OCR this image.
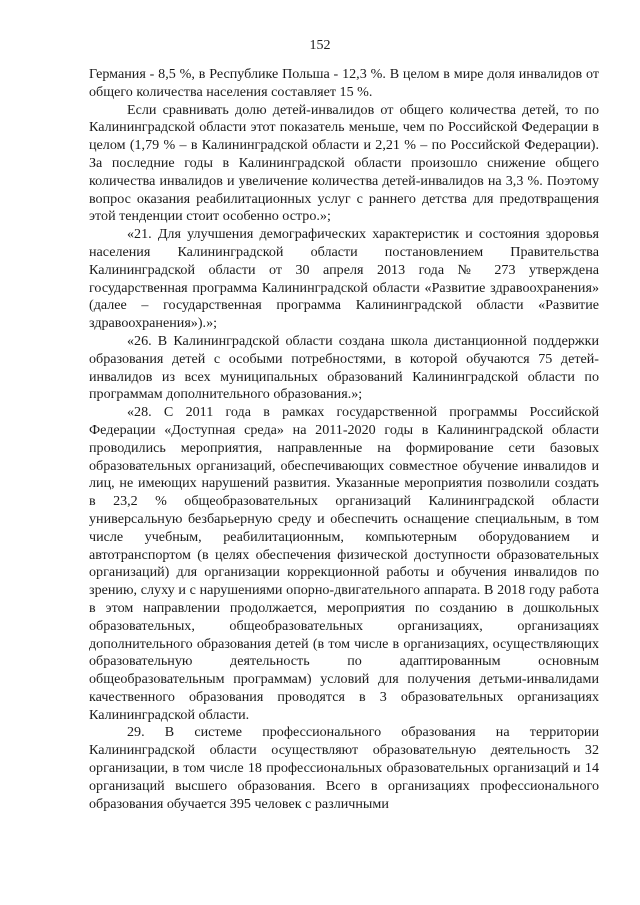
152

Германия - 8,5 %, в Республике Польша - 12,3 %. В целом в мире доля инвалидов от общего количества населения составляет 15 %.

Если сравнивать долю детей-инвалидов от общего количества детей, то по Калининградской области этот показатель меньше, чем по Российской Федерации в целом (1,79 % – в Калининградской области и 2,21 % – по Российской Федерации). За последние годы в Калининградской области произошло снижение общего количества инвалидов и увеличение количества детей-инвалидов на 3,3 %. Поэтому вопрос оказания реабилитационных услуг с раннего детства для предотвращения этой тенденции стоит особенно остро.»;

«21. Для улучшения демографических характеристик и состояния здоровья населения Калининградской области постановлением Правительства Калининградской области от 30 апреля 2013 года № 273 утверждена государственная программа Калининградской области «Развитие здравоохранения» (далее – государственная программа Калининградской области «Развитие здравоохранения»).»;

«26. В Калининградской области создана школа дистанционной поддержки образования детей с особыми потребностями, в которой обучаются 75 детей-инвалидов из всех муниципальных образований Калининградской области по программам дополнительного образования.»;

«28. С 2011 года в рамках государственной программы Российской Федерации «Доступная среда» на 2011-2020 годы в Калининградской области проводились мероприятия, направленные на формирование сети базовых образовательных организаций, обеспечивающих совместное обучение инвалидов и лиц, не имеющих нарушений развития. Указанные мероприятия позволили создать в 23,2 % общеобразовательных организаций Калининградской области универсальную безбарьерную среду и обеспечить оснащение специальным, в том числе учебным, реабилитационным, компьютерным оборудованием и автотранспортом (в целях обеспечения физической доступности образовательных организаций) для организации коррекционной работы и обучения инвалидов по зрению, слуху и с нарушениями опорно-двигательного аппарата. В 2018 году работа в этом направлении продолжается, мероприятия по созданию в дошкольных образовательных, общеобразовательных организациях, организациях дополнительного образования детей (в том числе в организациях, осуществляющих образовательную деятельность по адаптированным основным общеобразовательным программам) условий для получения детьми-инвалидами качественного образования проводятся в 3 образовательных организациях Калининградской области.

29. В системе профессионального образования на территории Калининградской области осуществляют образовательную деятельность 32 организации, в том числе 18 профессиональных образовательных организаций и 14 организаций высшего образования. Всего в организациях профессионального образования обучается 395 человек с различными
